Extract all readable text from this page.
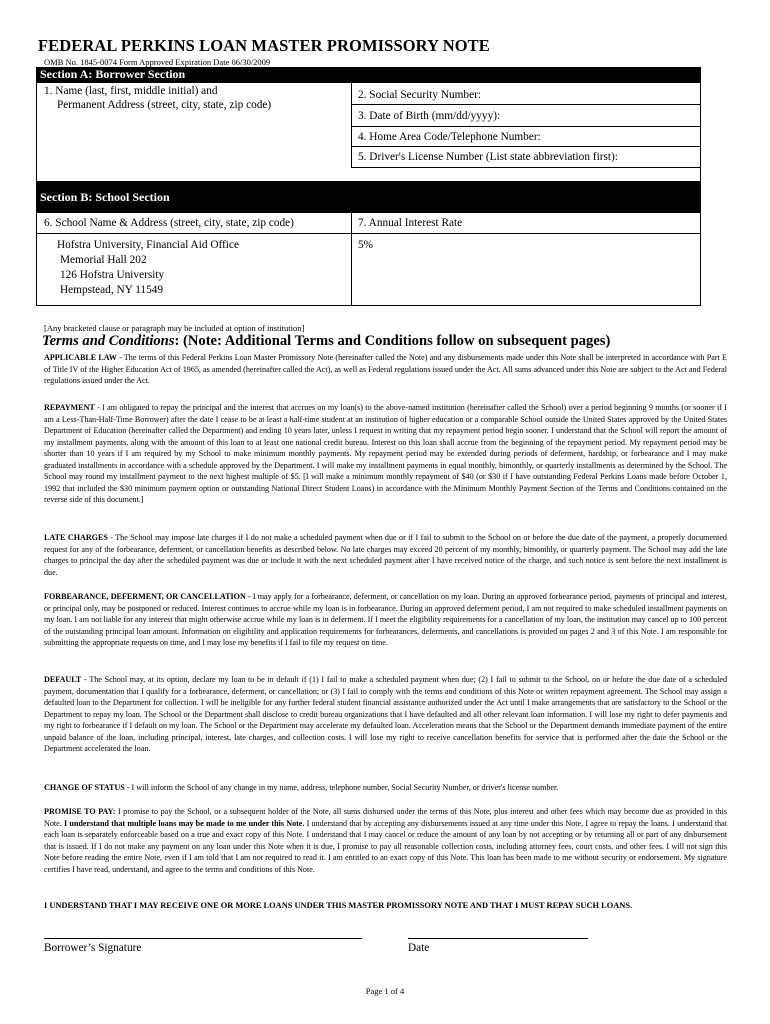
FEDERAL PERKINS LOAN MASTER PROMISSORY NOTE
OMB No. 1845-0074 Form Approved Expiration Date 06/30/2009
Section A: Borrower Section
1. Name (last, first, middle initial) and
Permanent Address (street, city, state, zip code)
2. Social Security Number:
3. Date of Birth (mm/dd/yyyy):
4. Home Area Code/Telephone Number:
5. Driver's License Number (List state abbreviation first):
Section B: School Section
6. School Name & Address (street, city, state, zip code)	7. Annual Interest Rate
Hofstra University, Financial Aid Office
Memorial Hall 202
126 Hofstra University
Hempstead, NY 11549
5%
[Any bracketed clause or paragraph may be included at option of institution]
Terms and Conditions: (Note: Additional Terms and Conditions follow on subsequent pages)
APPLICABLE LAW - The terms of this Federal Perkins Loan Master Promissory Note (hereinafter called the Note) and any disbursements made under this Note shall be interpreted in accordance with Part E of Title IV of the Higher Education Act of 1965, as amended (hereinafter called the Act), as well as Federal regulations issued under the Act. All sums advanced under this Note are subject to the Act and Federal regulations issued under the Act.
REPAYMENT - I am obligated to repay the principal and the interest that accrues on my loan(s) to the above-named institution (hereinafter called the School) over a period beginning 9 months (or sooner if I am a Less-Than-Half-Time Borrower) after the date I cease to be at least a half-time student at an institution of higher education or a comparable School outside the United States approved by the United States Department of Education (hereinafter called the Department) and ending 10 years later, unless I request in writing that my repayment period begin sooner. I understand that the School will report the amount of my installment payments, along with the amount of this loan to at least one national credit bureau. Interest on this loan shall accrue from the beginning of the repayment period. My repayment period may be shorter than 10 years if I am required by my School to make minimum monthly payments. My repayment period may be extended during periods of deferment, hardship, or forbearance and I may make graduated installments in accordance with a schedule approved by the Department. I will make my installment payments in equal monthly, bimonthly, or quarterly installments as determined by the School. The School may round my installment payment to the next highest multiple of $5. [I will make a minimum monthly repayment of $40 (or $30 if I have outstanding Federal Perkins Loans made before October 1, 1992 that included the $30 minimum payment option or outstanding National Direct Student Loans) in accordance with the Minimum Monthly Payment Section of the Terms and Conditions contained on the reverse side of this document.]
LATE CHARGES - The School may impose late charges if I do not make a scheduled payment when due or if I fail to submit to the School on or before the due date of the payment, a properly documented request for any of the forbearance, deferment, or cancellation benefits as described below. No late charges may exceed 20 percent of my monthly, bimonthly, or quarterly payment. The School may add the late charges to principal the day after the scheduled payment was due or include it with the next scheduled payment after I have received notice of the charge, and such notice is sent before the next installment is due.
FORBEARANCE, DEFERMENT, OR CANCELLATION - I may apply for a forbearance, deferment, or cancellation on my loan. During an approved forbearance period, payments of principal and interest, or principal only, may be postponed or reduced. Interest continues to accrue while my loan is in forbearance. During an approved deferment period, I am not required to make scheduled installment payments on my loan. I am not liable for any interest that might otherwise accrue while my loan is in deferment. If I meet the eligibility requirements for a cancellation of my loan, the institution may cancel up to 100 percent of the outstanding principal loan amount. Information on eligibility and application requirements for forbearances, deferments, and cancellations is provided on pages 2 and 3 of this Note. I am responsible for submitting the appropriate requests on time, and I may lose my benefits if I fail to file my request on time.
DEFAULT - The School may, at its option, declare my loan to be in default if (1) I fail to make a scheduled payment when due; (2) I fail to submit to the School, on or before the due date of a scheduled payment, documentation that I qualify for a forbearance, deferment, or cancellation; or (3) I fail to comply with the terms and conditions of this Note or written repayment agreement. The School may assign a defaulted loan to the Department for collection. I will be ineligible for any further federal student financial assistance authorized under the Act until I make arrangements that are satisfactory to the School or the Department to repay my loan. The School or the Department shall disclose to credit bureau organizations that I have defaulted and all other relevant loan information. I will lose my right to defer payments and my right to forbearance if I default on my loan. The School or the Department may accelerate my defaulted loan. Acceleration means that the School or the Department demands immediate payment of the entire unpaid balance of the loan, including principal, interest, late charges, and collection costs. I will lose my right to receive cancellation benefits for service that is performed after the date the School or the Department accelerated the loan.
CHANGE OF STATUS - I will inform the School of any change in my name, address, telephone number, Social Security Number, or driver's license number.
PROMISE TO PAY: I promise to pay the School, or a subsequent holder of the Note, all sums disbursed under the terms of this Note, plus interest and other fees which may become due as provided in this Note. I understand that multiple loans may be made to me under this Note. I understand that by accepting any disbursements issued at any time under this Note, I agree to repay the loans. I understand that each loan is separately enforceable based on a true and exact copy of this Note. I understand that I may cancel or reduce the amount of any loan by not accepting or by returning all or part of any disbursement that is issued. If I do not make any payment on any loan under this Note when it is due, I promise to pay all reasonable collection costs, including attorney fees, court costs, and other fees. I will not sign this Note before reading the entire Note, even if I am told that I am not required to read it. I am entitled to an exact copy of this Note. This loan has been made to me without security or endorsement. My signature certifies I have read, understand, and agree to the terms and conditions of this Note.
I UNDERSTAND THAT I MAY RECEIVE ONE OR MORE LOANS UNDER THIS MASTER PROMISSORY NOTE AND THAT I MUST REPAY SUCH LOANS.
Borrower’s Signature	Date
Page 1 of 4
